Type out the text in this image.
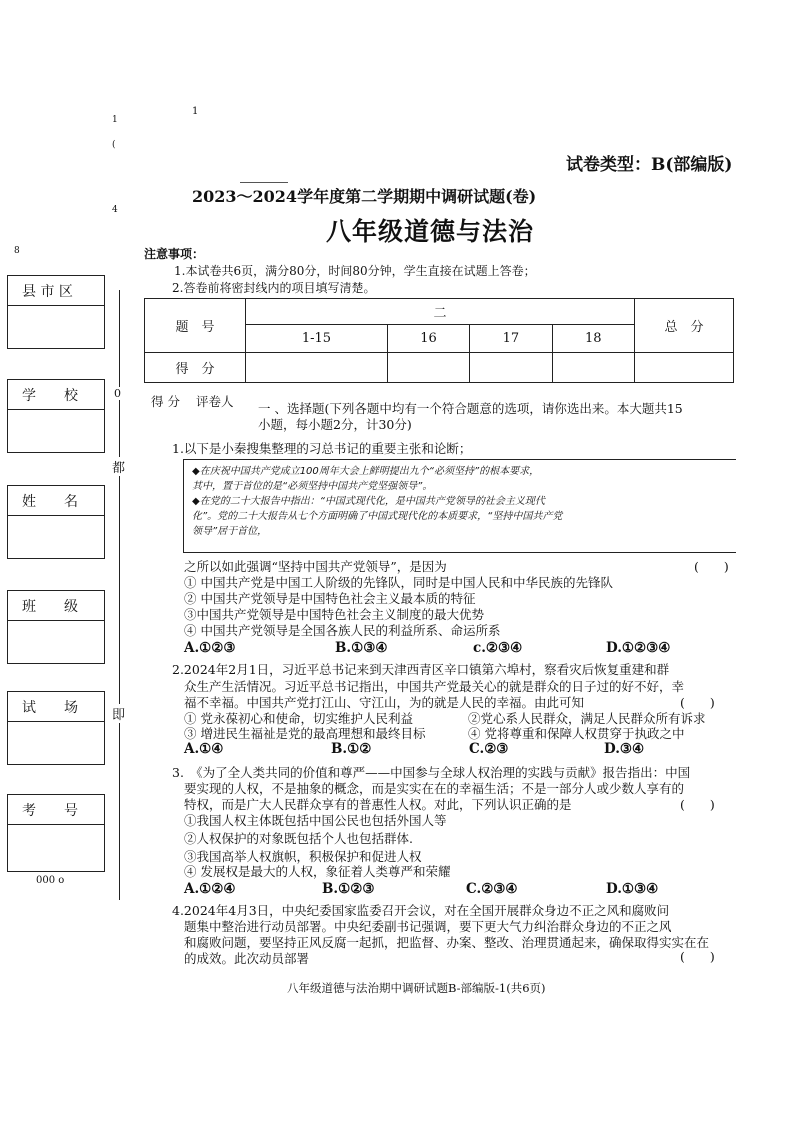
1
1
(
4
8
试卷类型：B(部编版)
2023～2024学年度第二学期期中调研试题(卷)
八年级道德与法治
注意事项：
1.本试卷共6页，满分80分，时间80分钟，学生直接在试题上答卷；
2.答卷前将密封线内的项目填写清楚。
题　号	二				总　分
	1-15	16	17	18	
得　分					
县 市 区
学　　校
姓　　名
班　　级
试　　场
考　　号
000 o
0
都
即
得 分 评卷人 一 、选择题(下列各题中均有一个符合题意的选项，请你选出来。本大题共15
小题，每小题2分，计30分)
1.以下是小秦搜集整理的习总书记的重要主张和论断；
◆在庆祝中国共产党成立100周年大会上鲜明提出九个“必须坚持”的根本要求，
其中，置于首位的是“必须坚持中国共产党坚强领导”。
◆在党的二十大报告中指出：“中国式现代化，是中国共产党领导的社会主义现代
化”。党的二十大报告从七个方面明确了中国式现代化的本质要求，“坚持中国共产党
领导”居于首位，
之所以如此强调“坚持中国共产党领导”，是因为	(　　)
① 中国共产党是中国工人阶级的先锋队，同时是中国人民和中华民族的先锋队
② 中国共产党领导是中国特色社会主义最本质的特征
③中国共产党领导是中国特色社会主义制度的最大优势
④ 中国共产党领导是全国各族人民的利益所系、命运所系
A.①②③	B.①③④	c.②③④	D.①②③④
2.2024年2月1日，习近平总书记来到天津西青区辛口镇第六埠村，察看灾后恢复重建和群
众生产生活情况。习近平总书记指出，中国共产党最关心的就是群众的日子过的好不好，幸
福不幸福。中国共产党打江山、守江山，为的就是人民的幸福。由此可知	(　　)
① 党永葆初心和使命，切实维护人民利益	②党心系人民群众，满足人民群众所有诉求
③ 增进民生福祉是党的最高理想和最终目标	④ 党将尊重和保障人权贯穿于执政之中
A.①④	B.①②	C.②③	D.③④
3.　《为了全人类共同的价值和尊严——中国参与全球人权治理的实践与贡献》报告指出：中国
要实现的人权，不是抽象的概念，而是实实在在的幸福生活；不是一部分人或少数人享有的
特权，而是广大人民群众享有的普惠性人权。对此，下列认识正确的是	(　　)
①我国人权主体既包括中国公民也包括外国人等
②人权保护的对象既包括个人也包括群体.
③我国高举人权旗帜，积极保护和促进人权
④ 发展权是最大的人权，象征着人类尊严和荣耀
A.①②④	B.①②③	C.②③④	D.①③④
4.2024年4月3日，中央纪委国家监委召开会议，对在全国开展群众身边不正之风和腐败问
题集中整治进行动员部署。中央纪委副书记强调，要下更大气力纠治群众身边的不正之风
和腐败问题，要坚持正风反腐一起抓，把监督、办案、整改、治理贯通起来，确保取得实实在在
的成效。此次动员部署	(　　)
八年级道德与法治期中调研试题B-部编版-1(共6页)
